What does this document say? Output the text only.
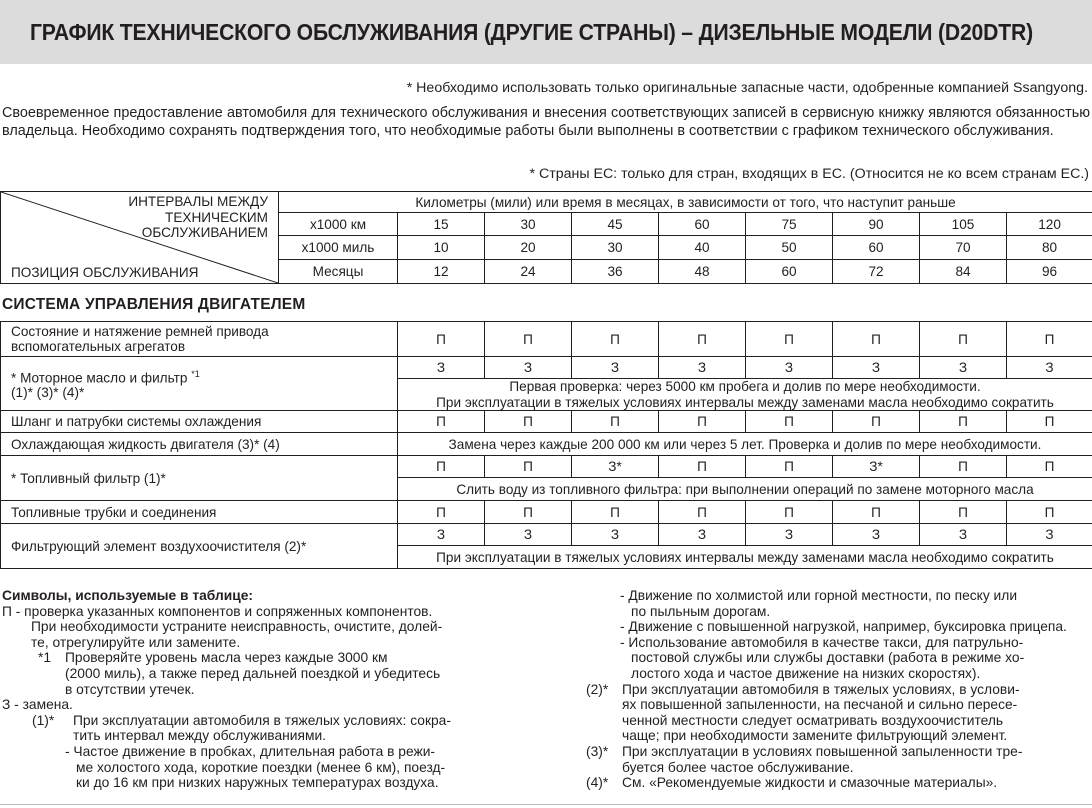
ГРАФИК ТЕХНИЧЕСКОГО ОБСЛУЖИВАНИЯ (ДРУГИЕ СТРАНЫ) – ДИЗЕЛЬНЫЕ МОДЕЛИ (D20DTR)
* Необходимо использовать только оригинальные запасные части, одобренные компанией Ssangyong.
Своевременное предоставление автомобиля для технического обслуживания и внесения соответствующих записей в сервисную книжку являются обязанностью владельца. Необходимо сохранять подтверждения того, что необходимые работы были выполнены в соответствии с графиком технического обслуживания.
* Страны ЕС: только для стран, входящих в ЕС. (Относится не ко всем странам ЕС.)
ИНТЕРВАЛЫ МЕЖДУ
ТЕХНИЧЕСКИМ
ОБСЛУЖИВАНИЕМ
ПОЗИЦИЯ ОБСЛУЖИВАНИЯ	Километры (мили) или время в месяцах, в зависимости от того, что наступит раньше								
	x1000 км	15	30	45	60	75	90	105	120
	x1000 миль	10	20	30	40	50	60	70	80
	Месяцы	12	24	36	48	60	72	84	96
СИСТЕМА УПРАВЛЕНИЯ ДВИГАТЕЛЕМ
Состояние и натяжение ремней привода вспомогательных агрегатов	П	П	П	П	П	П	П	П
* Моторное масло и фильтр $^{*1}$
(1)* (3)* (4)*	З	З	З	З	З	З	З	З
	Первая проверка: через 5000 км пробега и долив по мере необходимости.							
	При эксплуатации в тяжелых условиях интервалы между заменами масла необходимо сократить							
Шланг и патрубки системы охлаждения	П	П	П	П	П	П	П	П
Охлаждающая жидкость двигателя (3)* (4)	Замена через каждые 200 000 км или через 5 лет. Проверка и долив по мере необходимости.							
* Топливный фильтр (1)*	П	П	З*	П	П	З*	П	П
	Слить воду из топливного фильтра: при выполнении операций по замене моторного масла							
Топливные трубки и соединения	П	П	П	П	П	П	П	П
Фильтрующий элемент воздухоочистителя (2)*	З	З	З	З	З	З	З	З
	При эксплуатации в тяжелых условиях интервалы между заменами масла необходимо сократить							
Символы, используемые в таблице:
П - проверка указанных компонентов и сопряженных компонентов.
При необходимости устраните неисправность, очистите, долей-
те, отрегулируйте или замените.
*1 Проверяйте уровень масла через каждые 3000 км
(2000 миль), а также перед дальней поездкой и убедитесь
в отсутствии утечек.
З - замена.
(1)* При эксплуатации автомобиля в тяжелых условиях: сокра-
тить интервал между обслуживаниями.
- Частое движение в пробках, длительная работа в режи-
ме холостого хода, короткие поездки (менее 6 км), поезд-
ки до 16 км при низких наружных температурах воздуха.
- Движение по холмистой или горной местности, по песку или
по пыльным дорогам.
- Движение с повышенной нагрузкой, например, буксировка прицепа.
- Использование автомобиля в качестве такси, для патрульно-
постовой службы или службы доставки (работа в режиме хо-
лостого хода и частое движение на низких скоростях).
(2)* При эксплуатации автомобиля в тяжелых условиях, в услови-
ях повышенной запыленности, на песчаной и сильно пересе-
ченной местности следует осматривать воздухоочиститель
чаще; при необходимости замените фильтрующий элемент.
(3)* При эксплуатации в условиях повышенной запыленности тре-
буется более частое обслуживание.
(4)* См. «Рекомендуемые жидкости и смазочные материалы».
